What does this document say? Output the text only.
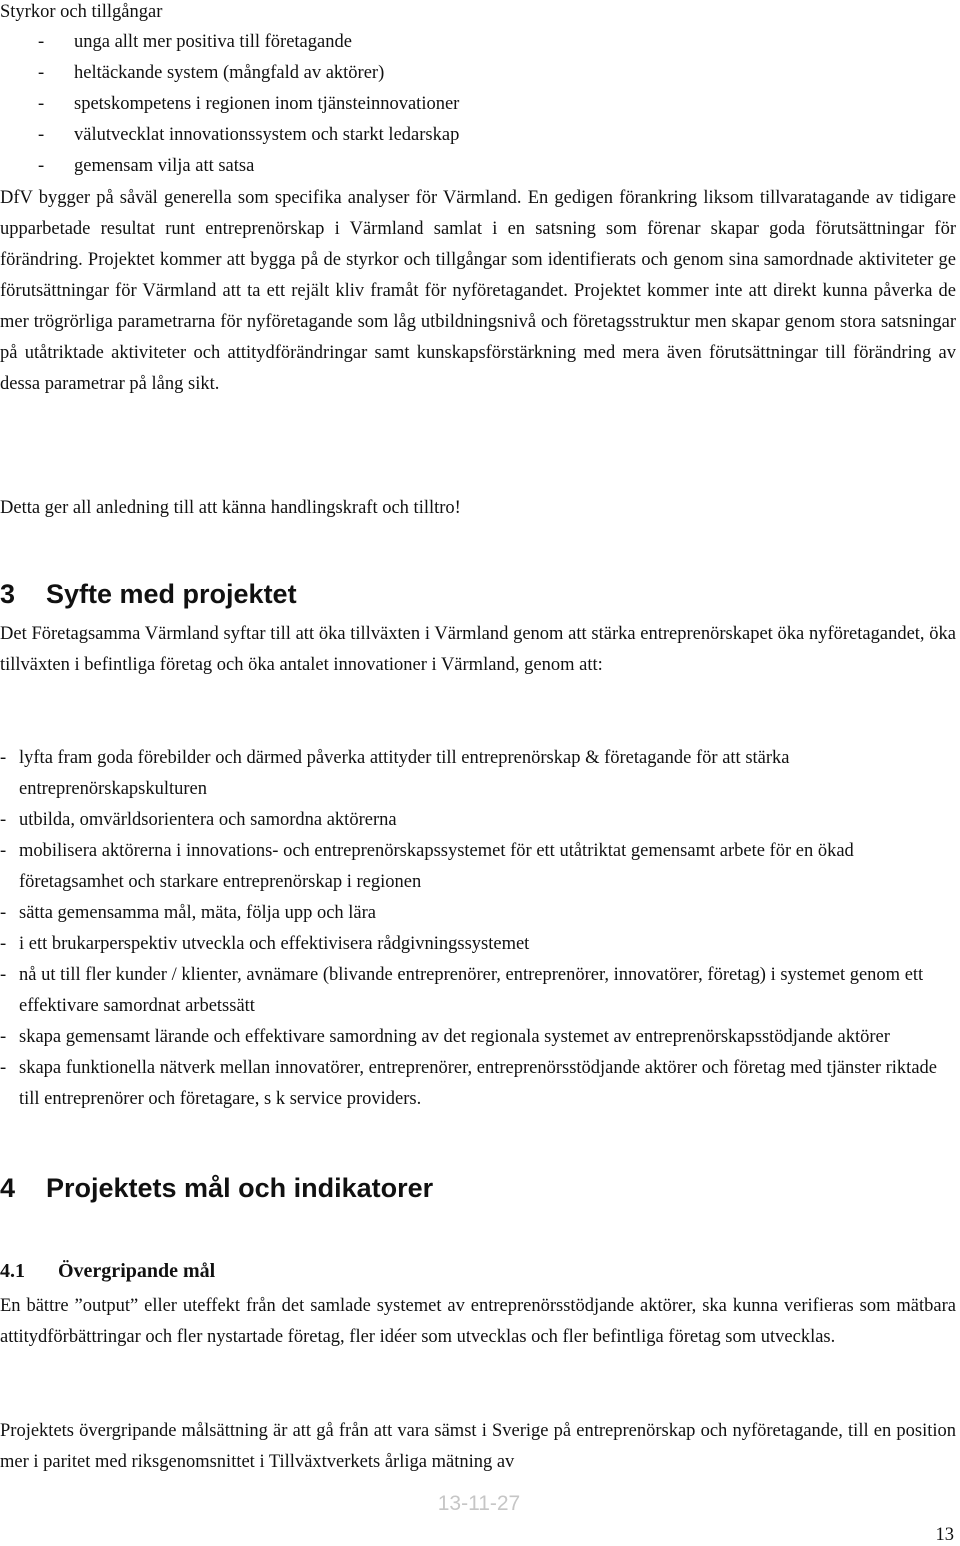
Styrkor och tillgångar
- unga allt mer positiva till företagande
- heltäckande system (mångfald av aktörer)
- spetskompetens i regionen inom tjänsteinnovationer
- välutvecklat innovationssystem och starkt ledarskap
- gemensam vilja att satsa

DfV bygger på såväl generella som specifika analyser för Värmland. En gedigen förankring liksom tillvaratagande av tidigare upparbetade resultat runt entreprenörskap i Värmland samlat i en satsning som förenar skapar goda förutsättningar för förändring. Projektet kommer att bygga på de styrkor och tillgångar som identifierats och genom sina samordnade aktiviteter ge förutsättningar för Värmland att ta ett rejält kliv framåt för nyföretagandet. Projektet kommer inte att direkt kunna påverka de mer trögrörliga parametrarna för nyföretagande som låg utbildningsnivå och företagsstruktur men skapar genom stora satsningar på utåtriktade aktiviteter och attitydförändringar samt kunskapsförstärkning med mera även förutsättningar till förändring av dessa parametrar på lång sikt.

Detta ger all anledning till att känna handlingskraft och tilltro!

3 Syfte med projektet

Det Företagsamma Värmland syftar till att öka tillväxten i Värmland genom att stärka entreprenörskapet öka nyföretagandet, öka tillväxten i befintliga företag och öka antalet innovationer i Värmland, genom att:

- lyfta fram goda förebilder och därmed påverka attityder till entreprenörskap & företagande för att stärka entreprenörskapskulturen
- utbilda, omvärldsorientera och samordna aktörerna
- mobilisera aktörerna i innovations- och entreprenörskapssystemet för ett utåtriktat gemensamt arbete för en ökad företagsamhet och starkare entreprenörskap i regionen
- sätta gemensamma mål, mäta, följa upp och lära
- i ett brukarperspektiv utveckla och effektivisera rådgivningssystemet
- nå ut till fler kunder / klienter, avnämare (blivande entreprenörer, entreprenörer, innovatörer, företag) i systemet genom ett effektivare samordnat arbetssätt
- skapa gemensamt lärande och effektivare samordning av det regionala systemet av entreprenörskapsstödjande aktörer
- skapa funktionella nätverk mellan innovatörer, entreprenörer, entreprenörsstödjande aktörer och företag med tjänster riktade till entreprenörer och företagare, s k service providers.
4 Projektets mål och indikatorer
4.1 Övergripande mål

En bättre ”output” eller uteffekt från det samlade systemet av entreprenörsstödjande aktörer, ska kunna verifieras som mätbara attitydförbättringar och fler nystartade företag, fler idéer som utvecklas och fler befintliga företag som utvecklas.

Projektets övergripande målsättning är att gå från att vara sämst i Sverige på entreprenörskap och nyföretagande, till en position mer i paritet med riksgenomsnittet i Tillväxtverkets årliga mätning av

13-11-27
13
